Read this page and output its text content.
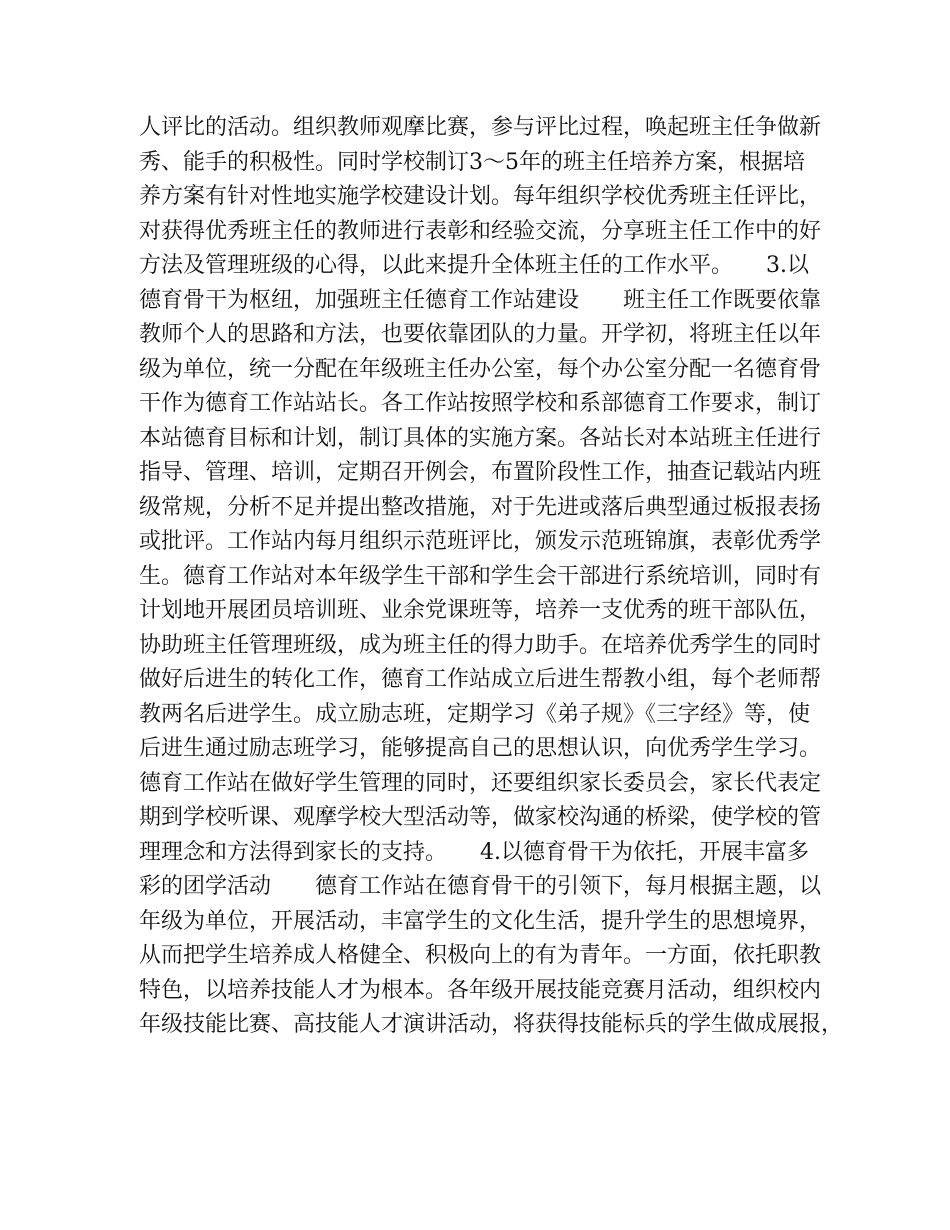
人评比的活动。组织教师观摩比赛，参与评比过程，唤起班主任争做新
秀、能手的积极性。同时学校制订3～5年的班主任培养方案，根据培
养方案有针对性地实施学校建设计划。每年组织学校优秀班主任评比，
对获得优秀班主任的教师进行表彰和经验交流，分享班主任工作中的好
方法及管理班级的心得，以此来提升全体班主任的工作水平。　　3.以
德育骨干为枢纽，加强班主任德育工作站建设　　班主任工作既要依靠
教师个人的思路和方法，也要依靠团队的力量。开学初，将班主任以年
级为单位，统一分配在年级班主任办公室，每个办公室分配一名德育骨
干作为德育工作站站长。各工作站按照学校和系部德育工作要求，制订
本站德育目标和计划，制订具体的实施方案。各站长对本站班主任进行
指导、管理、培训，定期召开例会，布置阶段性工作，抽查记载站内班
级常规，分析不足并提出整改措施，对于先进或落后典型通过板报表扬
或批评。工作站内每月组织示范班评比，颁发示范班锦旗，表彰优秀学
生。德育工作站对本年级学生干部和学生会干部进行系统培训，同时有
计划地开展团员培训班、业余党课班等，培养一支优秀的班干部队伍，
协助班主任管理班级，成为班主任的得力助手。在培养优秀学生的同时
做好后进生的转化工作，德育工作站成立后进生帮教小组，每个老师帮
教两名后进学生。成立励志班，定期学习《弟子规》《三字经》等，使
后进生通过励志班学习，能够提高自己的思想认识，向优秀学生学习。
德育工作站在做好学生管理的同时，还要组织家长委员会，家长代表定
期到学校听课、观摩学校大型活动等，做家校沟通的桥梁，使学校的管
理理念和方法得到家长的支持。　　4.以德育骨干为依托，开展丰富多
彩的团学活动　　德育工作站在德育骨干的引领下，每月根据主题，以
年级为单位，开展活动，丰富学生的文化生活，提升学生的思想境界，
从而把学生培养成人格健全、积极向上的有为青年。一方面，依托职教
特色，以培养技能人才为根本。各年级开展技能竞赛月活动，组织校内
年级技能比赛、高技能人才演讲活动，将获得技能标兵的学生做成展报，
